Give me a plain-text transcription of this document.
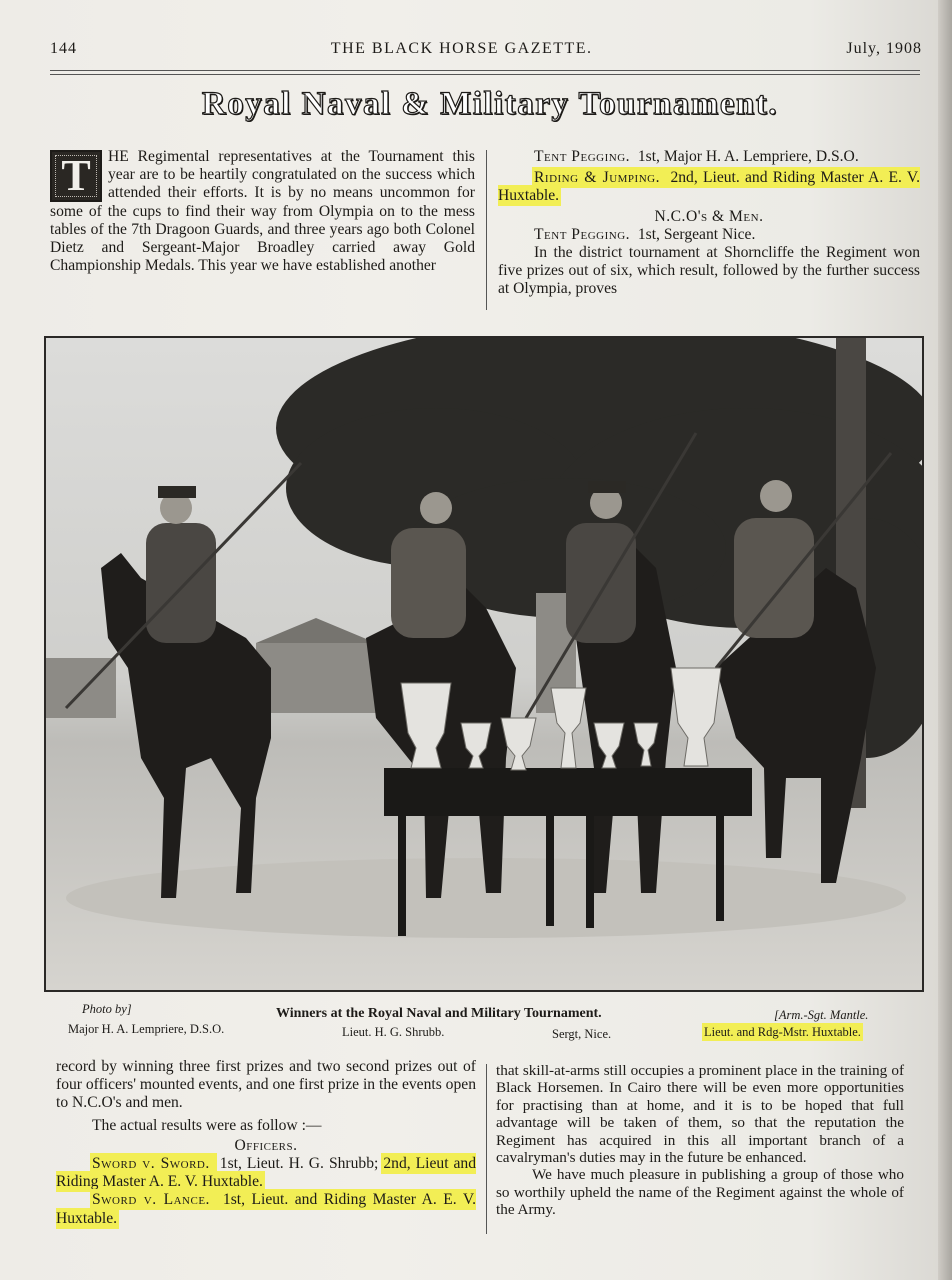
144	THE BLACK HORSE GAZETTE.	July, 1908
Royal Naval & Military Tournament.
T	HE Regimental representatives at the Tournament this year are to be heartily congratulated on the success which attended their efforts. It is by no means uncommon for some of the cups to find their way from Olympia on to the mess tables of the 7th Dragoon Guards, and three years ago both Colonel Dietz and Sergeant-Major Broadley carried away Gold Championship Medals. This year we have established another

Tent Pegging. 1st, Major H. A. Lempriere, D.S.O.

Riding & Jumping. 2nd, Lieut. and Riding Master A. E. V. Huxtable.

N.C.O's & Men.

Tent Pegging. 1st, Sergeant Nice.

In the district tournament at Shorncliffe the Regiment won five prizes out of six, which result, followed by the further success at Olympia, proves

Photo by]	Winners at the Royal Naval and Military Tournament.	[Arm.-Sgt. Mantle.
Major H. A. Lempriere, D.S.O.	Lieut. H. G. Shrubb.	Sergt, Nice.	Lieut. and Rdg-Mstr. Huxtable.

record by winning three first prizes and two second prizes out of four officers' mounted events, and one first prize in the events open to N.C.O's and men.

The actual results were as follow :—

Officers.

Sword v. Sword. 1st, Lieut. H. G. Shrubb; 2nd, Lieut and Riding Master A. E. V. Huxtable.

Sword v. Lance. 1st, Lieut. and Riding Master A. E. V. Huxtable.

that skill-at-arms still occupies a prominent place in the training of Black Horsemen. In Cairo there will be even more opportunities for practising than at home, and it is to be hoped that full advantage will be taken of them, so that the reputation the Regiment has acquired in this all important branch of a cavalryman's duties may in the future be enhanced.

We have much pleasure in publishing a group of those who so worthily upheld the name of the Regiment against the whole of the Army.
